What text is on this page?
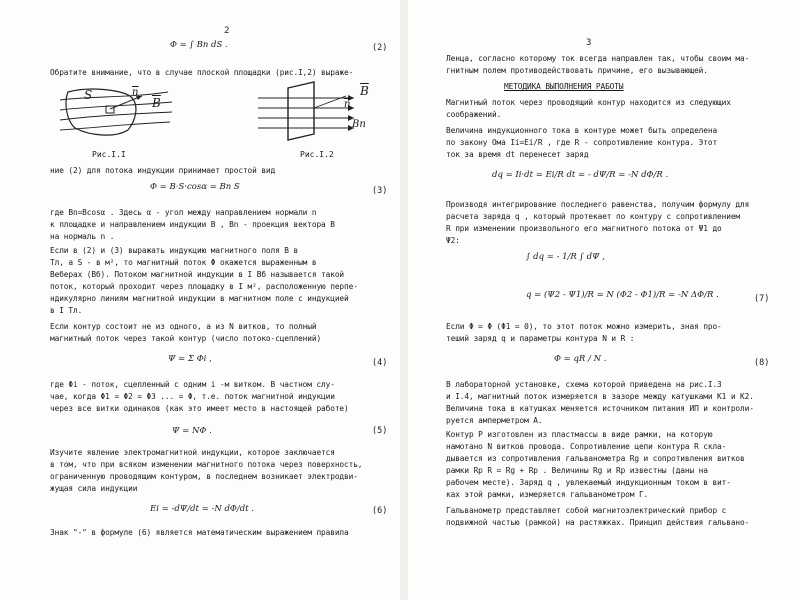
2
Φ = ∫ Bn dS .	(2)
Обратите внимание, что в случае плоской площадки (рис.I,2) выраже-
S
$\overline{B}$
$\overline{n}$
Рис.I.I
$\overline{B}$
$\overline{n}$
Bn
Рис.I.2
ние (2) для потока индукции принимает простой вид
Φ = B·S·cosα = Bn S	(3)
где Bn=Bcosα . Здесь α - угол между направлением нормали n
к площадке и направлением индукции B , Bn - проекция вектора B
на нормаль n .
Если в (2) и (3) выражать индукцию магнитного поля B в
Тл, а S - в м², то магнитный поток Φ окажется выраженным в
Веберах (Вб). Потоком магнитной индукции в I Вб называется такой
поток, который проходит через площадку в I м², расположенную перпе-
ндикулярно линиям магнитной индукции в магнитном поле с индукцией
в I Тл.
Если контур состоит не из одного, а из N витков, то полный
магнитный поток через такой контур (число потоко-сцеплений)
Ψ = Σ Φi ,	(4)
где Φi - поток, сцепленный с одним i -м витком. В частном слу-
чае, когда Φ1 = Φ2 = Φ3 ... = Φ, т.е. поток магнитной индукции
через все витки одинаков (как это имеет место в настоящей работе)
Ψ = NΦ .	(5)
Изучите явление электромагнитной индукции, которое заключается
в том, что при всяком изменении магнитного потока через поверхность,
ограниченную проводящим контуром, в последнем возникает электродви-
жущая сила индукции
Ei = -dΨ/dt = -N dΦ/dt .	(6)
Знак "-" в формуле (6) является математическим выражением правила
3
Ленца, согласно которому ток всегда направлен так, чтобы своим ма-
гнитным полем противодействовать причине, его вызывающей.
МЕТОДИКА ВЫПОЛНЕНИЯ РАБОТЫ
Магнитный поток через проводящий контур находится из следующих
соображений.
Величина индукционного тока в контуре может быть определена
по закону Ома Ii=Ei/R , где R - сопротивление контура. Этот
ток за время dt перенесет заряд
dq = Ii·dt = Ei/R dt = - dΨ/R = -N dΦ/R .
Производя интегрирование последнего равенства, получим формулу для
расчета заряда q , который протекает по контуру с сопротивлением
R при изменении произвольного его магнитного потока от Ψ1 до
Ψ2:
∫ dq = - 1/R ∫ dΨ ,
q = (Ψ2 - Ψ1)/R = N (Φ2 - Φ1)/R = -N ΔΦ/R .	(7)
Если Φ = Φ (Φ1 = 0), то этот поток можно измерить, зная про-
теший заряд q и параметры контура N и R :
Φ = qR / N .	(8)
В лабораторной установке, схема которой приведена на рис.I.3
и I.4, магнитный поток измеряется в зазоре между катушками K1 и K2.
Величина тока в катушках меняется источником питания ИП и контроли-
руется амперметром А.
Контур P изготовлен из пластмассы в виде рамки, на которую
намотано N витков провода. Сопротивление цепи контура R скла-
дывается из сопротивления гальванометра Rg и сопротивления витков
рамки Rp R = Rg + Rp . Величины Rg и Rp известны (даны на
рабочем месте). Заряд q , увлекаемый индукционным током в вит-
ках этой рамки, измеряется гальванометром Г.
Гальванометр представляет собой магнитоэлектрический прибор с
подвижной частью (рамкой) на растяжках. Принцип действия гальвано-
